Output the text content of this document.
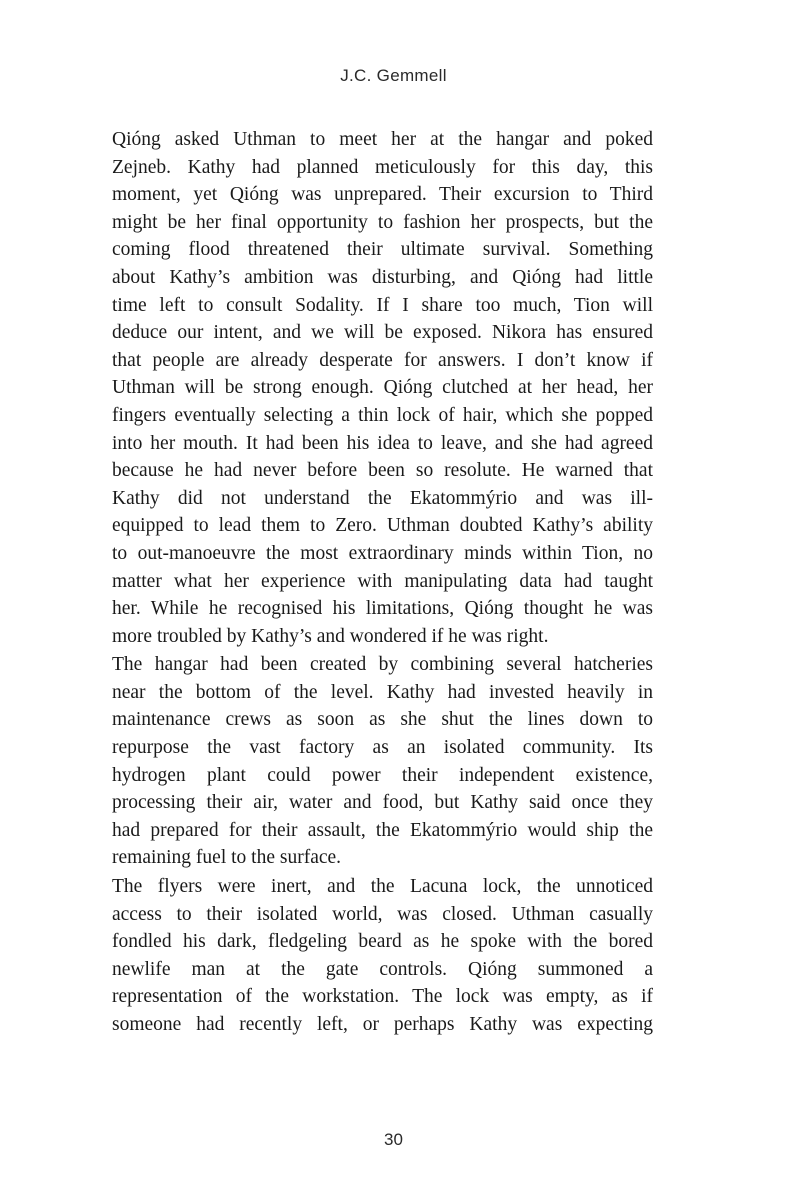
J.C. Gemmell
Qióng asked Uthman to meet her at the hangar and poked
Zejneb. Kathy had planned meticulously for this day, this
moment, yet Qióng was unprepared. Their excursion to Third
might be her final opportunity to fashion her prospects, but the
coming flood threatened their ultimate survival. Something
about Kathy’s ambition was disturbing, and Qióng had little
time left to consult Sodality. If I share too much, Tion will
deduce our intent, and we will be exposed. Nikora has ensured
that people are already desperate for answers. I don’t know if
Uthman will be strong enough. Qióng clutched at her head, her
fingers eventually selecting a thin lock of hair, which she popped
into her mouth. It had been his idea to leave, and she had agreed
because he had never before been so resolute. He warned that
Kathy did not understand the Ekatommýrio and was ill-
equipped to lead them to Zero. Uthman doubted Kathy’s ability
to out-manoeuvre the most extraordinary minds within Tion, no
matter what her experience with manipulating data had taught
her. While he recognised his limitations, Qióng thought he was
more troubled by Kathy’s and wondered if he was right.
The hangar had been created by combining several hatcheries
near the bottom of the level. Kathy had invested heavily in
maintenance crews as soon as she shut the lines down to
repurpose the vast factory as an isolated community. Its
hydrogen plant could power their independent existence,
processing their air, water and food, but Kathy said once they
had prepared for their assault, the Ekatommýrio would ship the
remaining fuel to the surface.
The flyers were inert, and the Lacuna lock, the unnoticed
access to their isolated world, was closed. Uthman casually
fondled his dark, fledgeling beard as he spoke with the bored
newlife man at the gate controls. Qióng summoned a
representation of the workstation. The lock was empty, as if
someone had recently left, or perhaps Kathy was expecting
30
